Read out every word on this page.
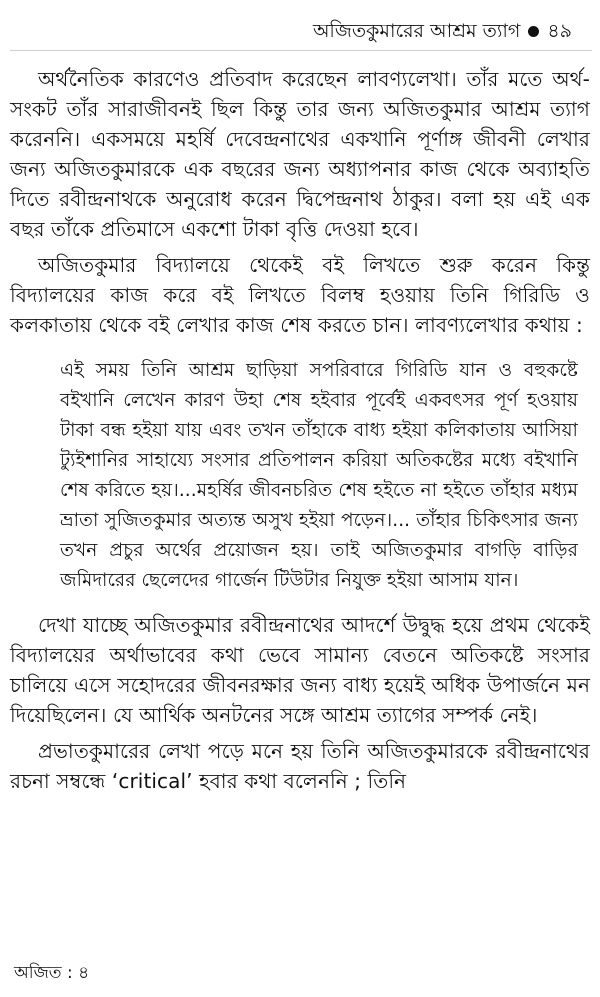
অজিতকুমারের আশ্রম ত্যাগ ৪৯

অর্থনৈতিক কারণেও প্রতিবাদ করেছেন লাবণ্যলেখা। তাঁর মতে অর্থ-সংকট তাঁর সারাজীবনই ছিল কিন্তু তার জন্য অজিতকুমার আশ্রম ত্যাগ করেননি। একসময়ে মহর্ষি দেবেন্দ্রনাথের একখানি পূর্ণাঙ্গ জীবনী লেখার জন্য অজিতকুমারকে এক বছরের জন্য অধ্যাপনার কাজ থেকে অব্যাহতি দিতে রবীন্দ্রনাথকে অনুরোধ করেন দ্বিপেন্দ্রনাথ ঠাকুর। বলা হয় এই এক বছর তাঁকে প্রতিমাসে একশো টাকা বৃত্তি দেওয়া হবে।

অজিতকুমার বিদ্যালয়ে থেকেই বই লিখতে শুরু করেন কিন্তু বিদ্যালয়ের কাজ করে বই লিখতে বিলম্ব হওয়ায় তিনি গিরিডি ও কলকাতায় থেকে বই লেখার কাজ শেষ করতে চান। লাবণ্যলেখার কথায় :

এই সময় তিনি আশ্রম ছাড়িয়া সপরিবারে গিরিডি যান ও বহুকষ্টে বইখানি লেখেন কারণ উহা শেষ হইবার পূর্বেই একবৎসর পূর্ণ হওয়ায় টাকা বন্ধ হইয়া যায় এবং তখন তাঁহাকে বাধ্য হইয়া কলিকাতায় আসিয়া ট্যুইশানির সাহায্যে সংসার প্রতিপালন করিয়া অতিকষ্টের মধ্যে বইখানি শেষ করিতে হয়।...মহর্ষির জীবনচরিত শেষ হইতে না হইতে তাঁহার মধ্যম ভ্রাতা সুজিতকুমার অত্যন্ত অসুখ হইয়া পড়েন।... তাঁহার চিকিৎসার জন্য তখন প্রচুর অর্থের প্রয়োজন হয়। তাই অজিতকুমার বাগড়ি বাড়ির জমিদারের ছেলেদের গার্জেন টিউটার নিযুক্ত হইয়া আসাম যান।

দেখা যাচ্ছে অজিতকুমার রবীন্দ্রনাথের আদর্শে উদ্বুদ্ধ হয়ে প্রথম থেকেই বিদ্যালয়ের অর্থাভাবের কথা ভেবে সামান্য বেতনে অতিকষ্টে সংসার চালিয়ে এসে সহোদরের জীবনরক্ষার জন্য বাধ্য হয়েই অধিক উপার্জনে মন দিয়েছিলেন। যে আর্থিক অনটনের সঙ্গে আশ্রম ত্যাগের সম্পর্ক নেই।

প্রভাতকুমারের লেখা পড়ে মনে হয় তিনি অজিতকুমারকে রবীন্দ্রনাথের রচনা সম্বন্ধে ‘critical’ হবার কথা বলেননি ; তিনি

অজিত : ৪
